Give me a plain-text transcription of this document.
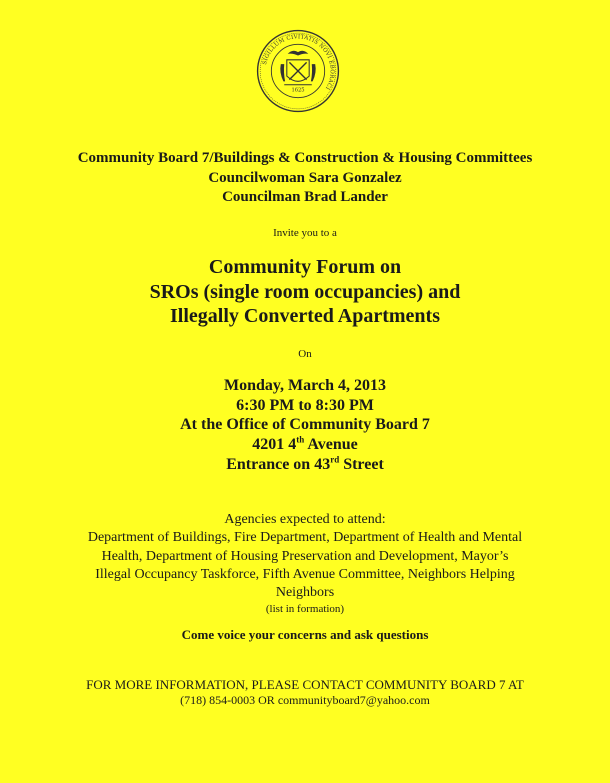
SIGILLUM CIVITATIS NOVI EBORACI
1625
Community Board 7/Buildings & Construction & Housing Committees
Councilwoman Sara Gonzalez
Councilman Brad Lander
Invite you to a
Community Forum on
SROs (single room occupancies) and
Illegally Converted Apartments
On
Monday, March 4, 2013
6:30 PM to 8:30 PM
At the Office of Community Board 7
4201 4th Avenue
Entrance on 43rd Street
Agencies expected to attend:
Department of Buildings, Fire Department, Department of Health and Mental
Health, Department of Housing Preservation and Development, Mayor’s
Illegal Occupancy Taskforce, Fifth Avenue Committee, Neighbors Helping
Neighbors
(list in formation)
Come voice your concerns and ask questions
FOR MORE INFORMATION, PLEASE CONTACT COMMUNITY BOARD 7 AT
(718) 854-0003 OR communityboard7@yahoo.com
